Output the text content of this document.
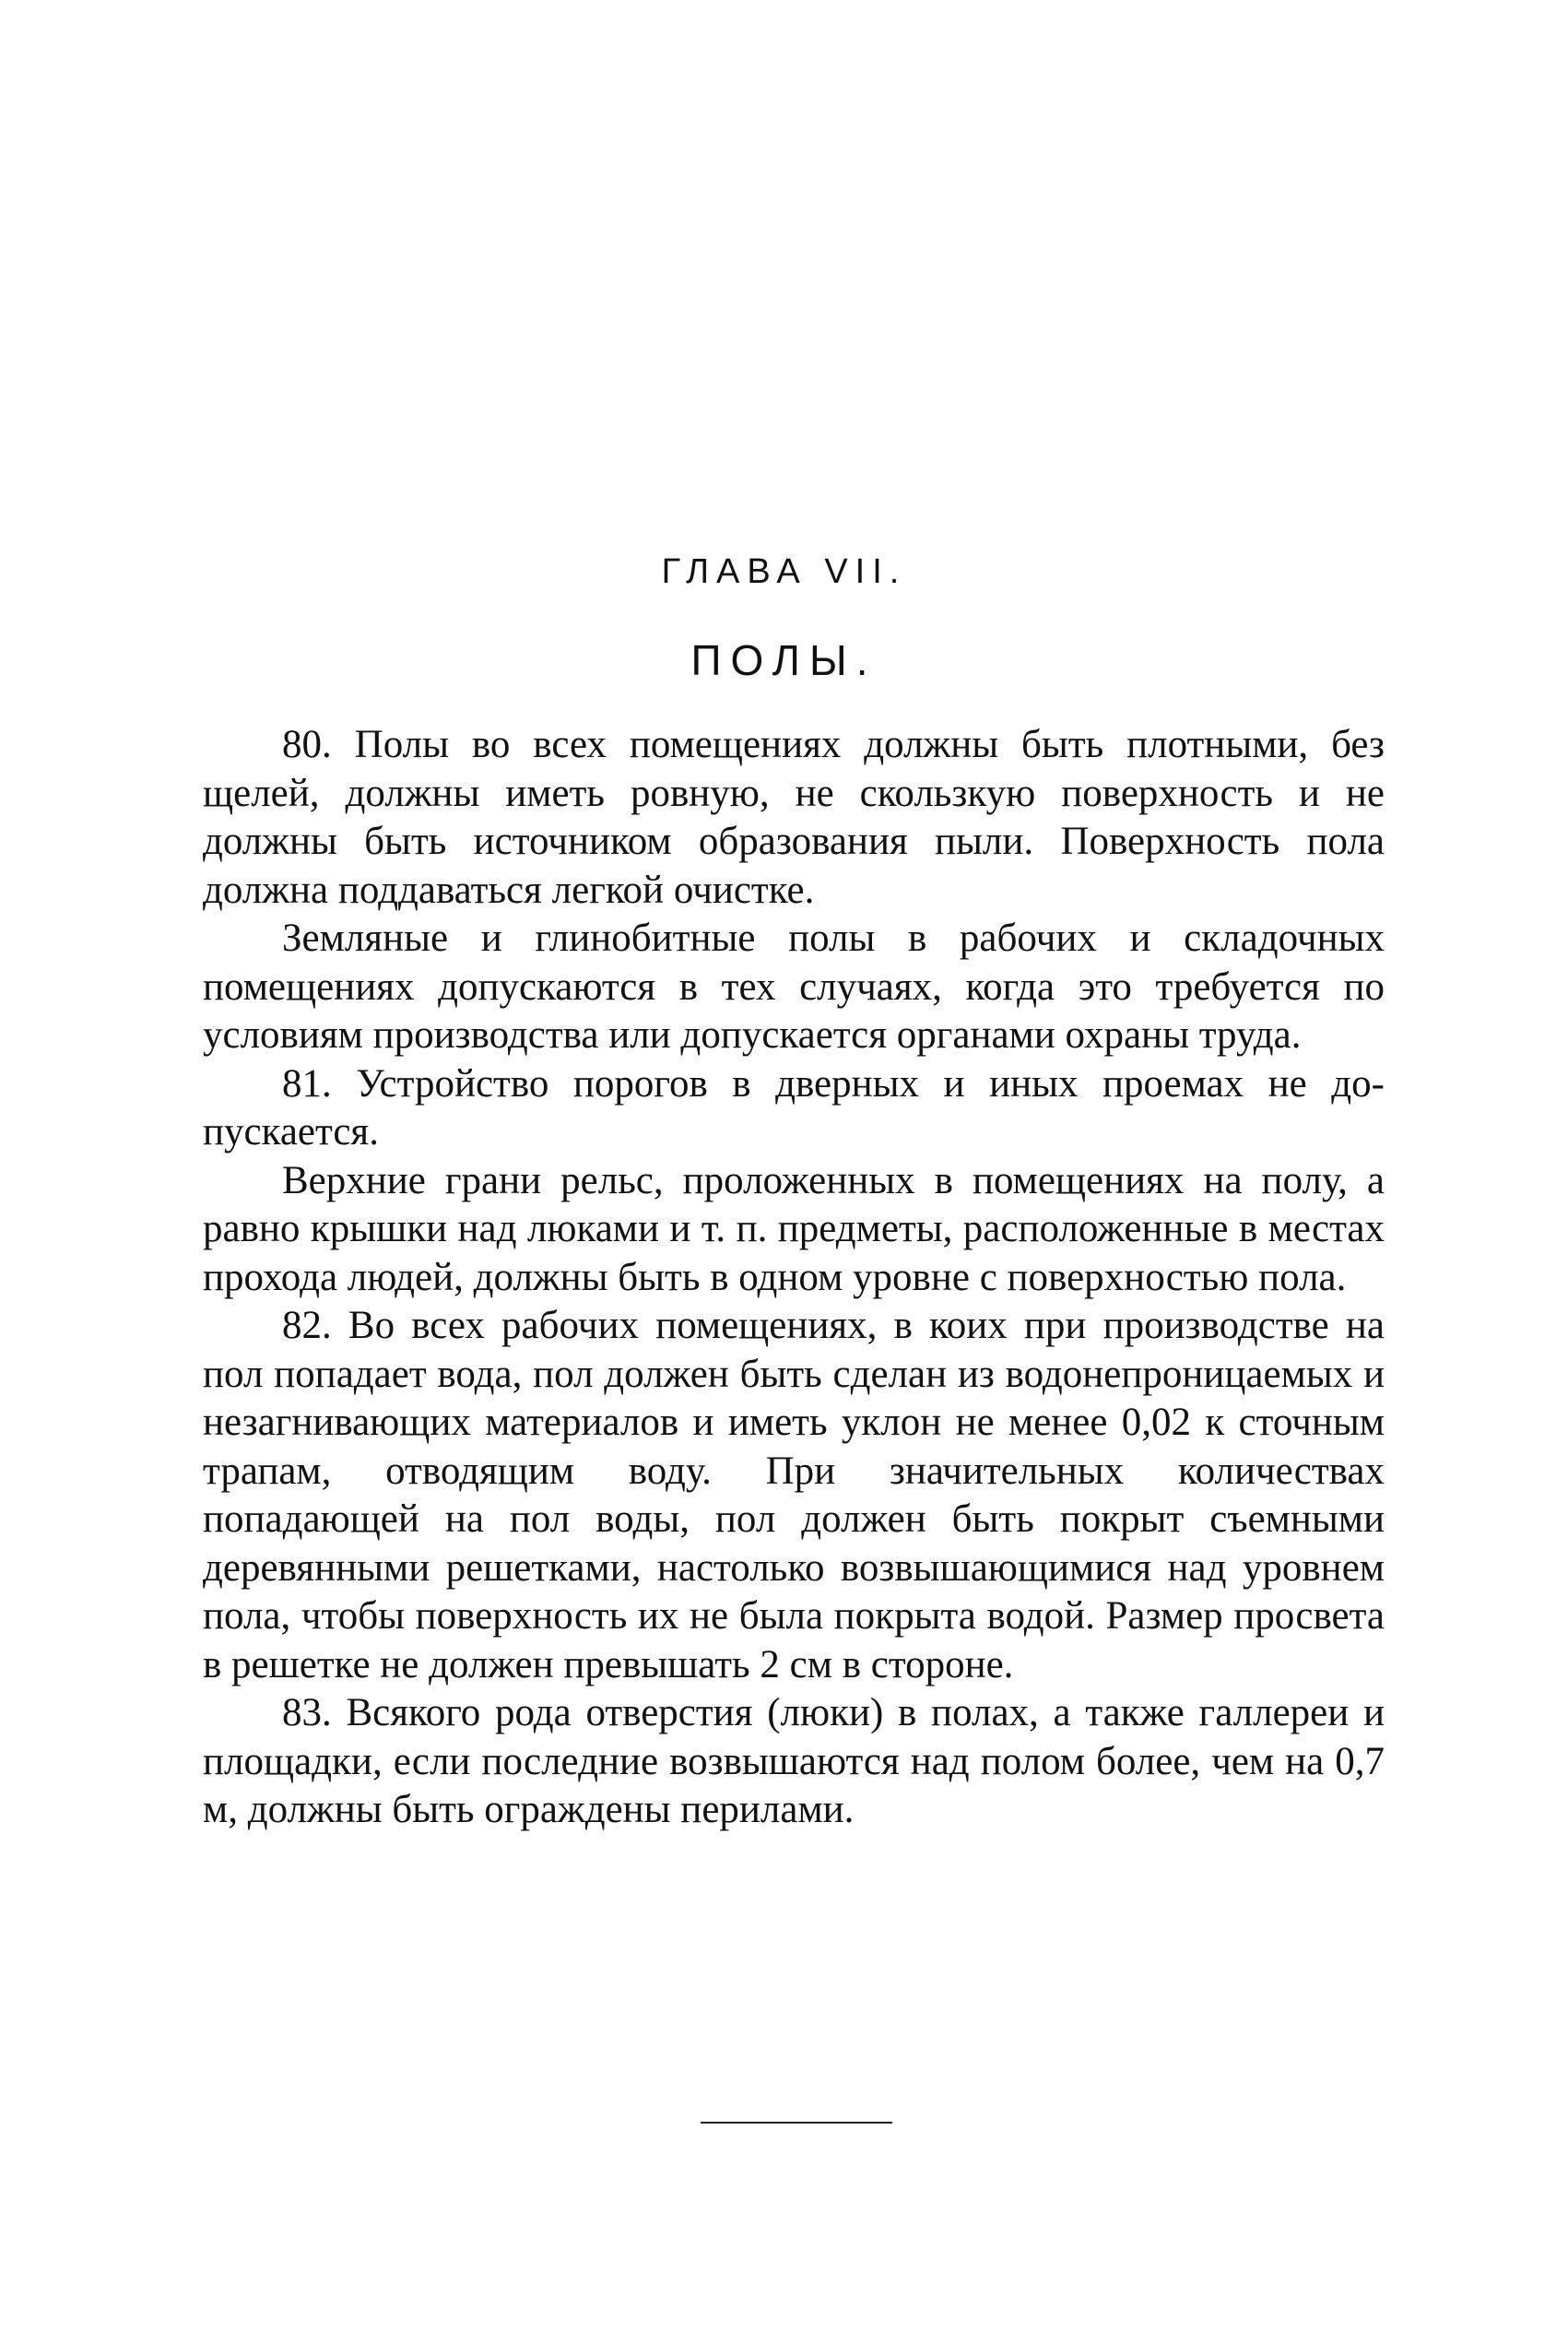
ГЛАВА VII.
ПОЛЫ.

80. Полы во всех помещениях должны быть плотными, без щелей, должны иметь ровную, не скользкую поверхность и не должны быть источником образования пыли. Поверхность пола должна поддаваться легкой очистке.

Земляные и глинобитные полы в рабочих и складочных помещениях допускаются в тех случаях, когда это требуется по условиям производства или допускается органами охраны труда.

81. Устройство порогов в дверных и иных проемах не допускается.

Верхние грани рельс, проложенных в помещениях на полу, а равно крышки над люками и т. п. предметы, расположенные в местах прохода людей, должны быть в одном уровне с поверхностью пола.

82. Во всех рабочих помещениях, в коих при производстве на пол попадает вода, пол должен быть сделан из водонепроницаемых и незагнивающих материалов и иметь уклон не менее 0,02 к сточным трапам, отводящим воду. При значительных количествах попадающей на пол воды, пол должен быть покрыт съемными деревянными решетками, настолько возвышающимися над уровнем пола, чтобы поверхность их не была покрыта водой. Размер просвета в решетке не должен превышать 2 см в стороне.

83. Всякого рода отверстия (люки) в полах, а также галлереи и площадки, если последние возвышаются над полом более, чем на 0,7 м, должны быть ограждены перилами.
